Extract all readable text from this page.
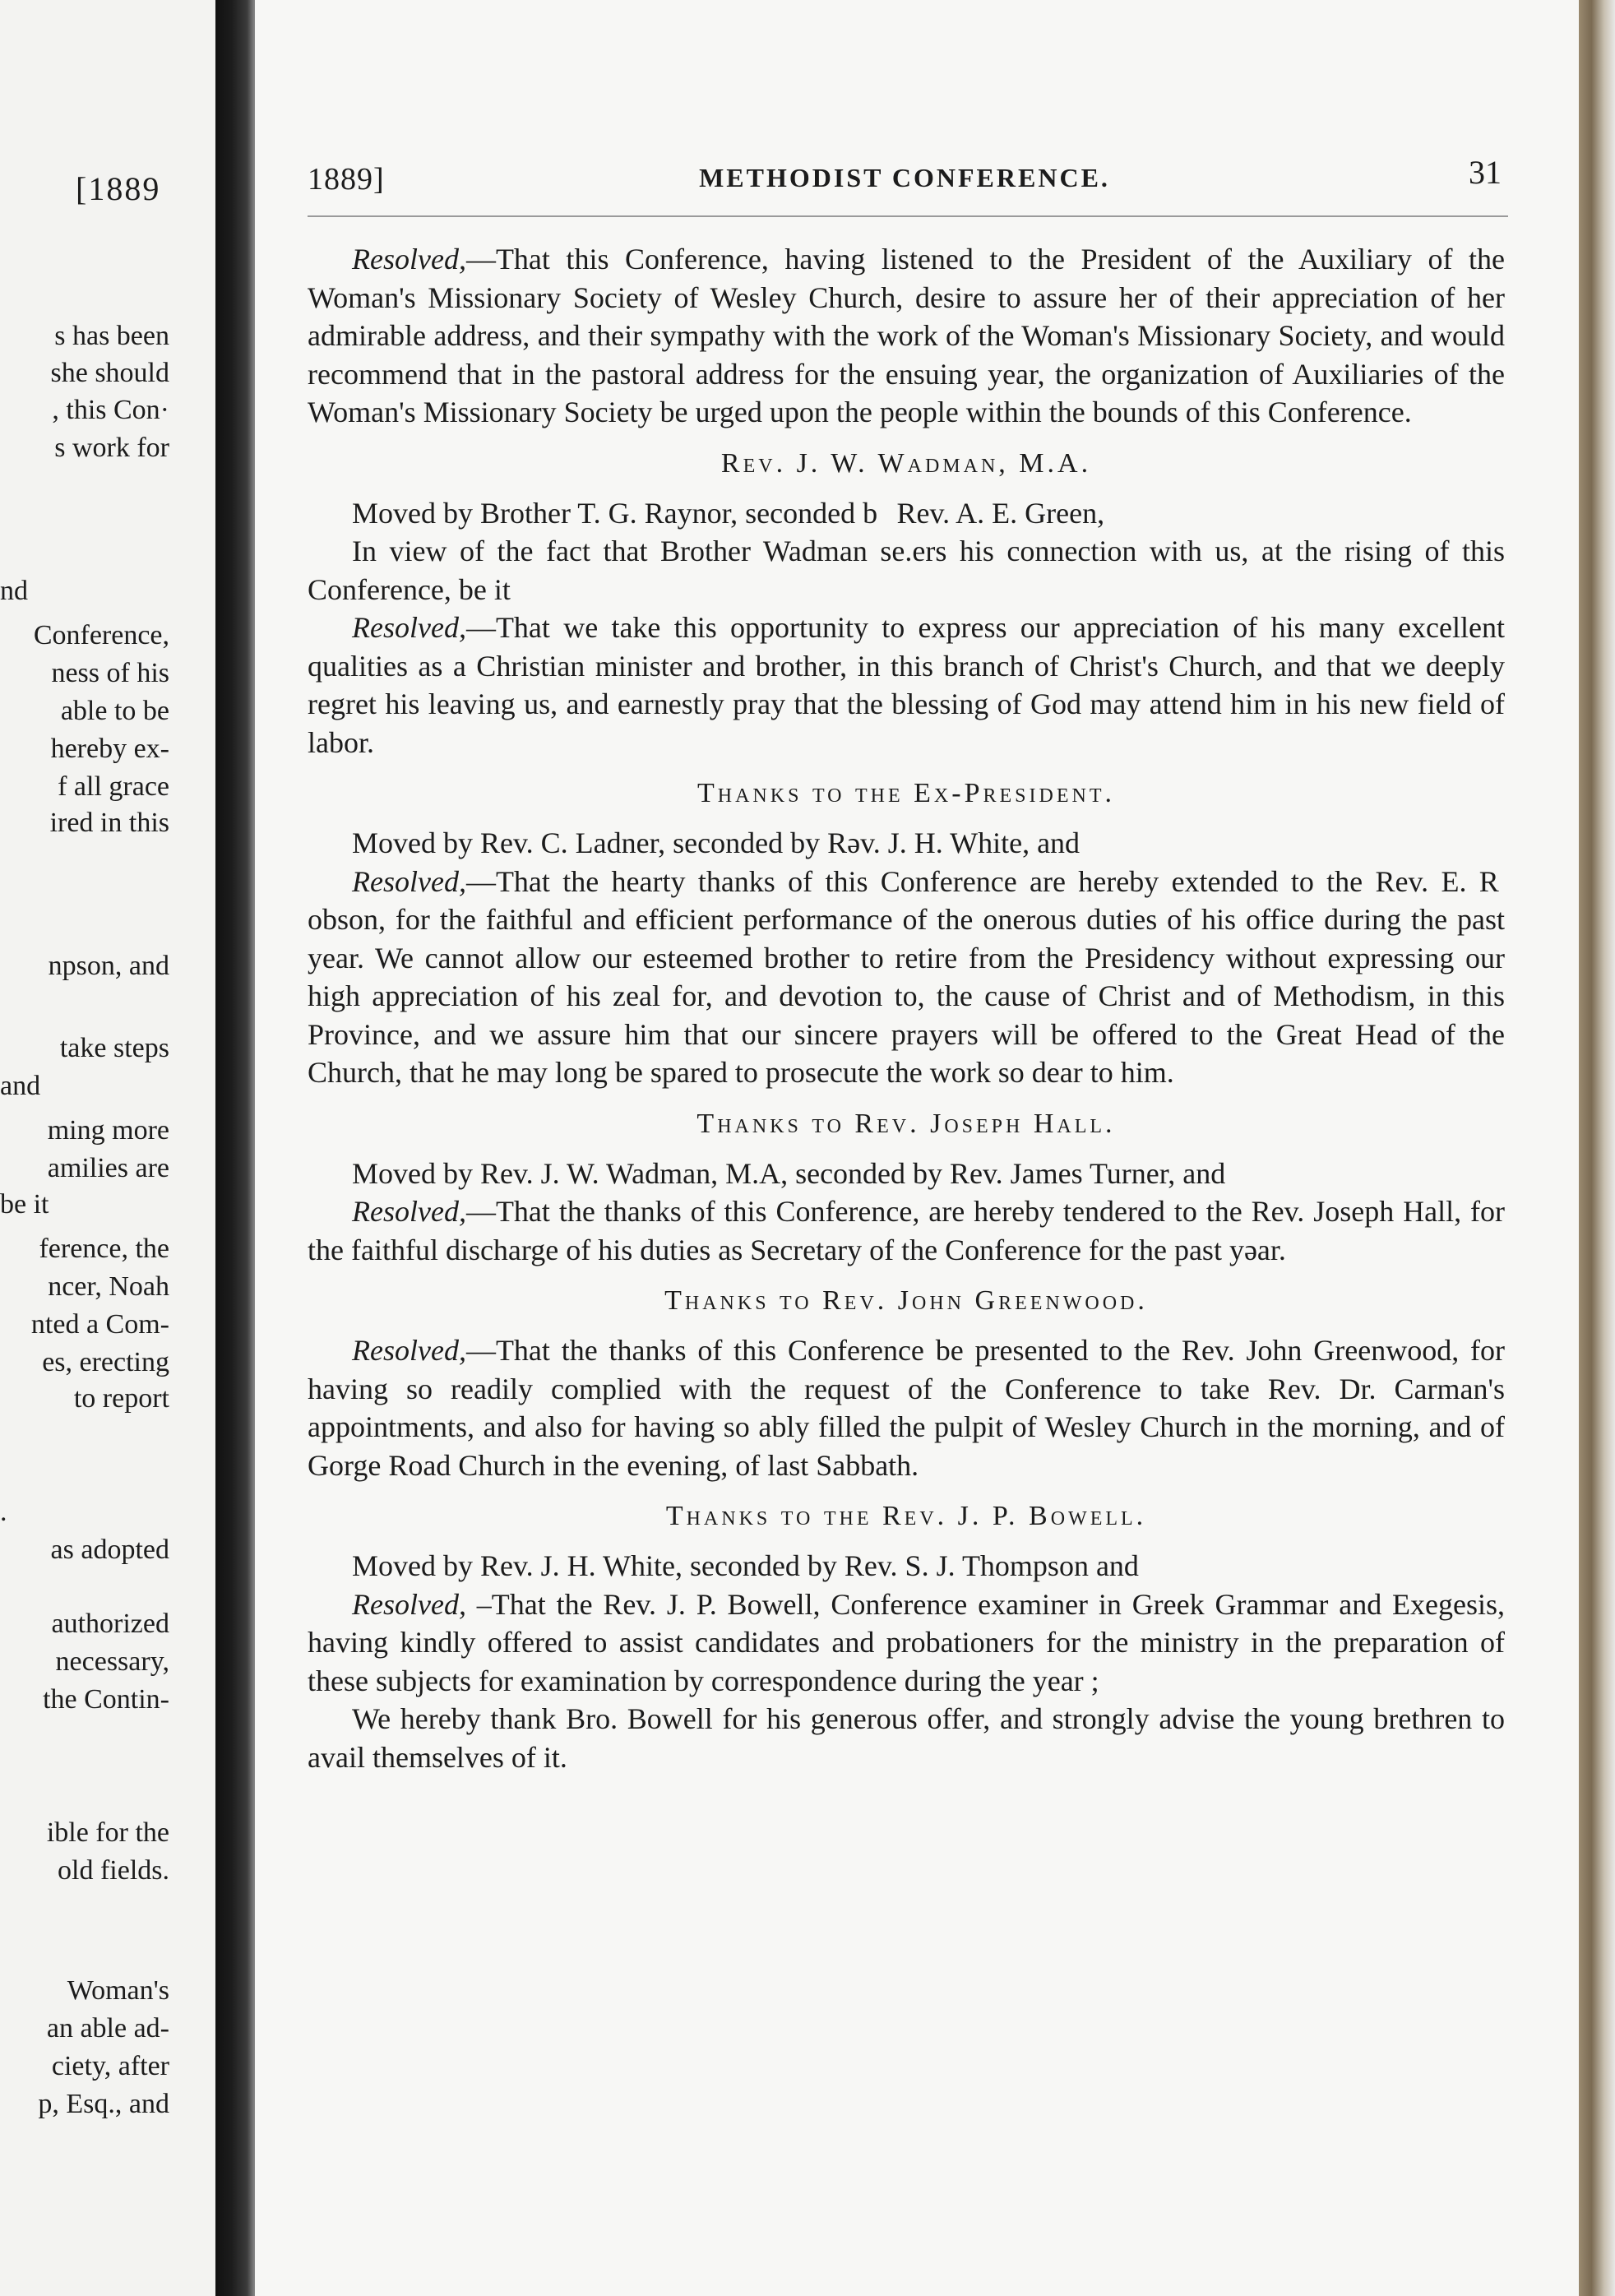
[1889
s has been
she should
, this Con·
s work for
nd
Conference,
ness of his
able to be
hereby ex-
f all grace
ired in this
npson, and
take steps
and
ming more
amilies are
be it
ference, the
ncer, Noah
nted a Com-
es, erecting
to report
.
as adopted
authorized
necessary,
the Contin-
ible for the
old fields.
Woman's
an able ad-
ciety, after
p, Esq., and
1889]	METHODIST CONFERENCE.	31

Resolved,—That this Conference, having listened to the President of the Auxiliary of the Woman's Missionary Society of Wesley Church, desire to assure her of their appreciation of her admirable address, and their sympathy with the work of the Woman's Missionary Society, and would recommend that in the pastoral address for the ensuing year, the organization of Auxiliaries of the Woman's Missionary Society be urged upon the people within the bounds of this Conference.

Rev. J. W. Wadman, M.A.

Moved by Brother T. G. Raynor, seconded b   Rev. A. E. Green,

In view of the fact that Brother Wadman se.ers his connection with us, at the rising of this Conference, be it

Resolved,—That we take this opportunity to express our appreciation of his many excellent qualities as a Christian minister and brother, in this branch of Christ's Church, and that we deeply regret his leaving us, and earnestly pray that the blessing of God may attend him in his new field of labor.

Thanks to the Ex-President.

Moved by Rev. C. Ladner, seconded by Rəv. J. H. White, and

Resolved,—That the hearty thanks of this Conference are hereby extended to the Rev. E. R obson, for the faithful and efficient performance of the onerous duties of his office during the past year. We cannot allow our esteemed brother to retire from the Presidency without expressing our high appreciation of his zeal for, and devotion to, the cause of Christ and of Methodism, in this Province, and we assure him that our sincere prayers will be offered to the Great Head of the Church, that he may long be spared to prosecute the work so dear to him.

Thanks to Rev. Joseph Hall.

Moved by Rev. J. W. Wadman, M.A, seconded by Rev. James Turner, and

Resolved,—That the thanks of this Conference, are hereby tendered to the Rev. Joseph Hall, for the faithful discharge of his duties as Secretary of the Conference for the past yəar.

Thanks to Rev. John Greenwood.

Resolved,—That the thanks of this Conference be presented to the Rev. John Greenwood, for having so readily complied with the request of the Conference to take Rev. Dr. Carman's appointments, and also for having so ably filled the pulpit of Wesley Church in the morning, and of Gorge Road Church in the evening, of last Sabbath.

Thanks to the Rev. J. P. Bowell.

Moved by Rev. J. H. White, seconded by Rev. S. J. Thompson and

Resolved, –That the Rev. J. P. Bowell, Conference examiner in Greek Grammar and Exegesis, having kindly offered to assist candidates and probationers for the ministry in the preparation of these subjects for examination by correspondence during the year ;

We hereby thank Bro. Bowell for his generous offer, and strongly advise the young brethren to avail themselves of it.
